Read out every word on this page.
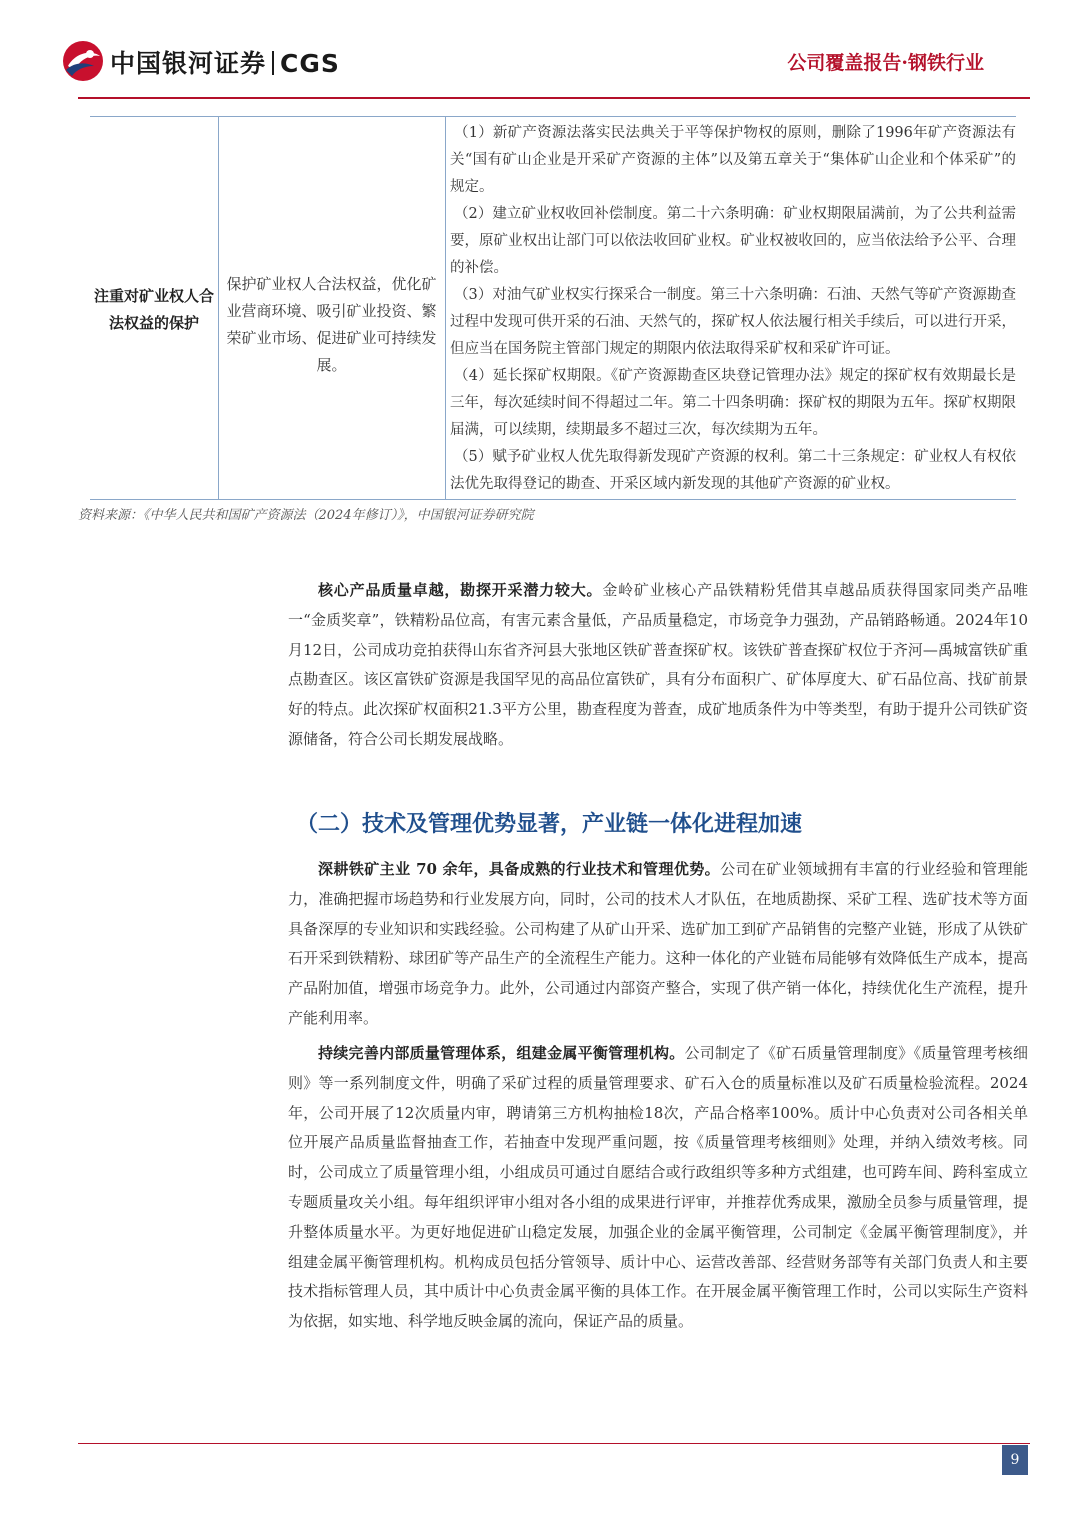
中国银河证券 CGS	公司覆盖报告·钢铁行业
注重对矿业权人合法权益的保护
保护矿业权人合法权益，优化矿业营商环境、吸引矿业投资、繁荣矿业市场、促进矿业可持续发展。

（1）新矿产资源法落实民法典关于平等保护物权的原则，删除了1996年矿产资源法有关“国有矿山企业是开采矿产资源的主体”以及第五章关于“集体矿山企业和个体采矿”的规定。

（2）建立矿业权收回补偿制度。第二十六条明确：矿业权期限届满前，为了公共利益需要，原矿业权出让部门可以依法收回矿业权。矿业权被收回的，应当依法给予公平、合理的补偿。

（3）对油气矿业权实行探采合一制度。第三十六条明确：石油、天然气等矿产资源勘查过程中发现可供开采的石油、天然气的，探矿权人依法履行相关手续后，可以进行开采，但应当在国务院主管部门规定的期限内依法取得采矿权和采矿许可证。

（4）延长探矿权期限。《矿产资源勘查区块登记管理办法》规定的探矿权有效期最长是三年，每次延续时间不得超过二年。第二十四条明确：探矿权的期限为五年。探矿权期限届满，可以续期，续期最多不超过三次，每次续期为五年。

（5）赋予矿业权人优先取得新发现矿产资源的权利。第二十三条规定：矿业权人有权依法优先取得登记的勘查、开采区域内新发现的其他矿产资源的矿业权。

资料来源：《中华人民共和国矿产资源法（2024年修订）》，中国银河证券研究院

核心产品质量卓越，勘探开采潜力较大。金岭矿业核心产品铁精粉凭借其卓越品质获得国家同类产品唯一“金质奖章”，铁精粉品位高，有害元素含量低，产品质量稳定，市场竞争力强劲，产品销路畅通。2024年10月12日，公司成功竞拍获得山东省齐河县大张地区铁矿普查探矿权。该铁矿普查探矿权位于齐河—禹城富铁矿重点勘查区。该区富铁矿资源是我国罕见的高品位富铁矿，具有分布面积广、矿体厚度大、矿石品位高、找矿前景好的特点。此次探矿权面积21.3平方公里，勘查程度为普查，成矿地质条件为中等类型，有助于提升公司铁矿资源储备，符合公司长期发展战略。

（二）技术及管理优势显著，产业链一体化进程加速

深耕铁矿主业 70 余年，具备成熟的行业技术和管理优势。公司在矿业领域拥有丰富的行业经验和管理能力，准确把握市场趋势和行业发展方向，同时，公司的技术人才队伍，在地质勘探、采矿工程、选矿技术等方面具备深厚的专业知识和实践经验。公司构建了从矿山开采、选矿加工到矿产品销售的完整产业链，形成了从铁矿石开采到铁精粉、球团矿等产品生产的全流程生产能力。这种一体化的产业链布局能够有效降低生产成本，提高产品附加值，增强市场竞争力。此外，公司通过内部资产整合，实现了供产销一体化，持续优化生产流程，提升产能利用率。

持续完善内部质量管理体系，组建金属平衡管理机构。公司制定了《矿石质量管理制度》《质量管理考核细则》等一系列制度文件，明确了采矿过程的质量管理要求、矿石入仓的质量标准以及矿石质量检验流程。2024年，公司开展了12次质量内审，聘请第三方机构抽检18次，产品合格率100%。质计中心负责对公司各相关单位开展产品质量监督抽查工作，若抽查中发现严重问题，按《质量管理考核细则》处理，并纳入绩效考核。同时，公司成立了质量管理小组，小组成员可通过自愿结合或行政组织等多种方式组建，也可跨车间、跨科室成立专题质量攻关小组。每年组织评审小组对各小组的成果进行评审，并推荐优秀成果，激励全员参与质量管理，提升整体质量水平。为更好地促进矿山稳定发展，加强企业的金属平衡管理，公司制定《金属平衡管理制度》，并组建金属平衡管理机构。机构成员包括分管领导、质计中心、运营改善部、经营财务部等有关部门负责人和主要技术指标管理人员，其中质计中心负责金属平衡的具体工作。在开展金属平衡管理工作时，公司以实际生产资料为依据，如实地、科学地反映金属的流向，保证产品的质量。

9
